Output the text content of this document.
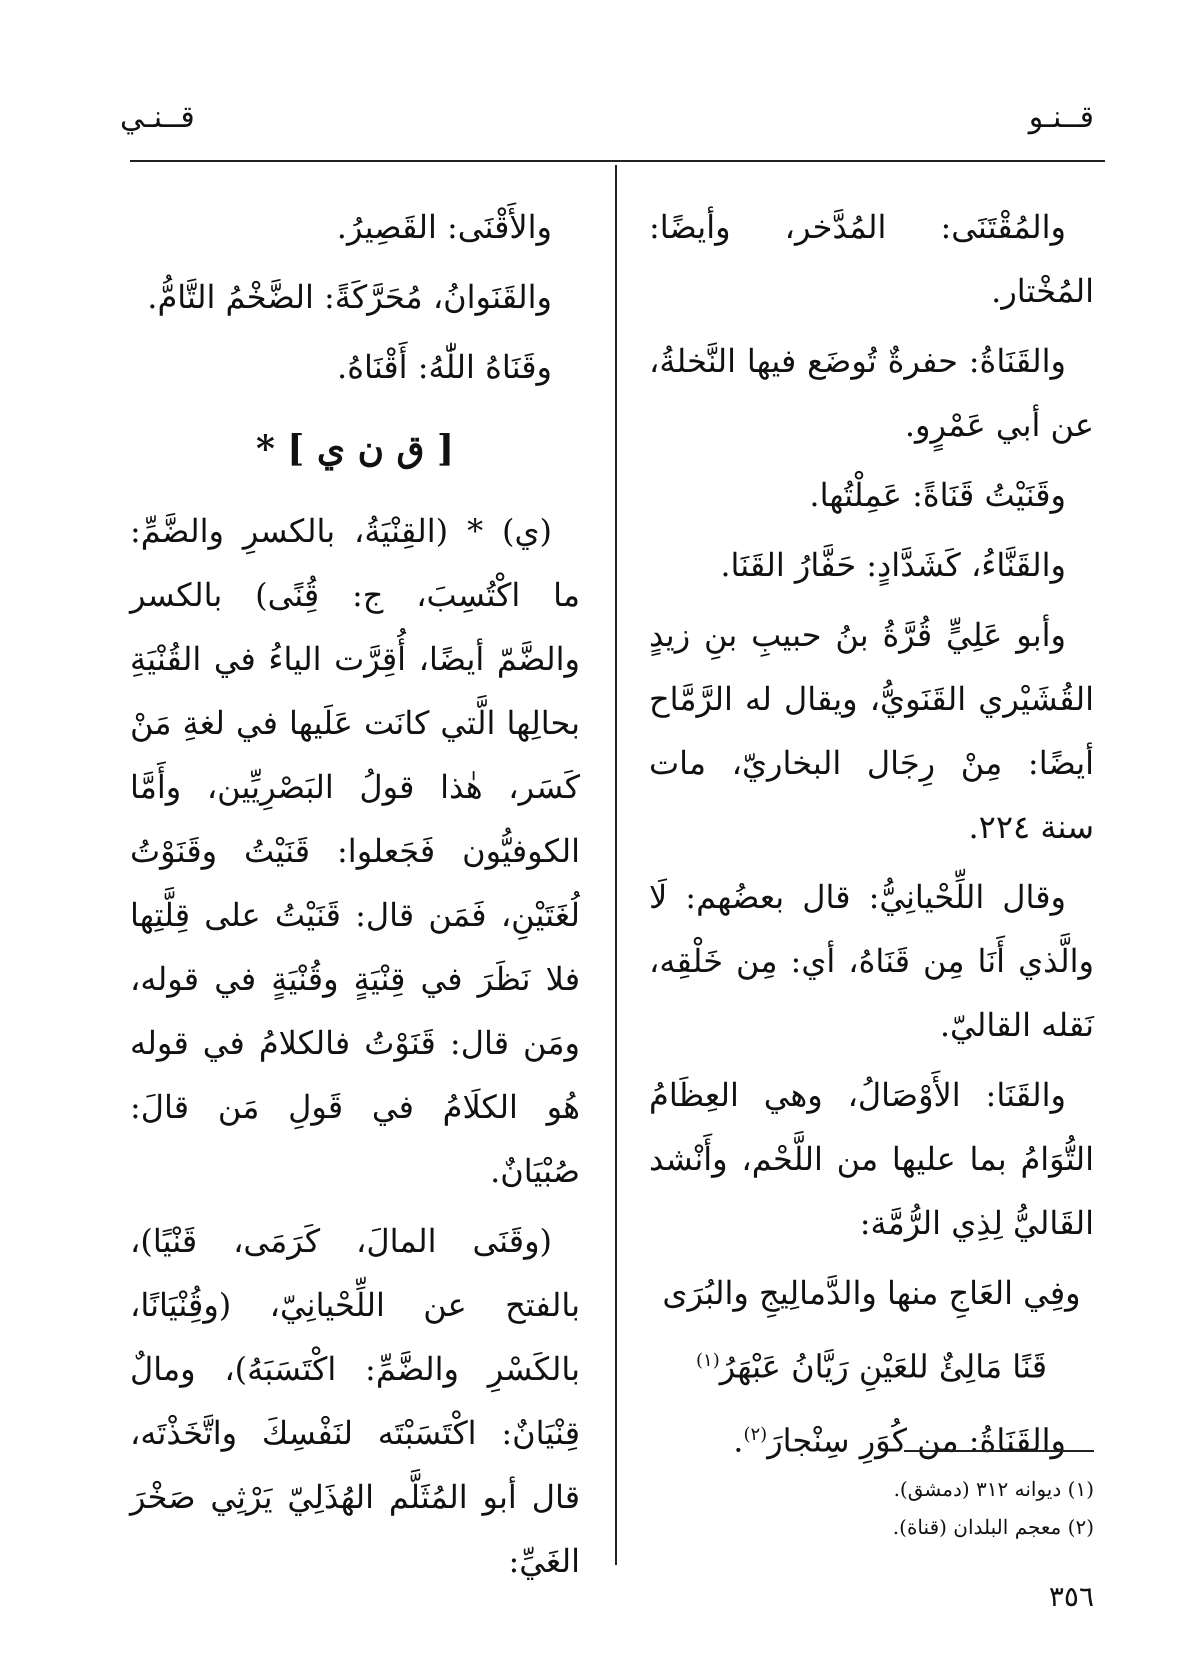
قــنـو
قــنـي

والمُقْتَنَى: المُدَّخر، وأيضًا: المُخْتار.

والقَنَاةُ: حفرةٌ تُوضَع فيها النَّخلةُ، عن أبي عَمْرٍو.

وقَنَيْتُ قَنَاةً: عَمِلْتُها.

والقَنَّاءُ، كَشَدَّادٍ: حَفَّارُ القَنَا.

وأبو عَلِيٍّ قُرَّةُ بنُ حبيبِ بنِ زيدٍ القُشَيْري القَنَويُّ، ويقال له الرَّمَّاح أيضًا: مِنْ رِجَال البخاريّ، مات سنة ٢٢٤.

وقال اللِّحْيانِيُّ: قال بعضُهم: لَا والَّذي أَنَا مِن قَنَاهُ، أي: مِن خَلْقِه، نَقله القاليّ.

والقَنَا: الأَوْصَالُ، وهي العِظَامُ التُّوَامُ بما عليها من اللَّحْم، وأَنْشد القَاليُّ لِذِي الرُّمَّة:

وفِي العَاجِ منها والدَّمالِيجِ والبُرَى

قَنًا مَالِئٌ للعَيْنِ رَيَّانُ عَبْهَرُ$^{(١)}$

والقَنَاةُ: من كُوَرِ سِنْجارَ$^{(٢)}$.

(١) ديوانه ٣١٢ (دمشق).

(٢) معجم البلدان (قناة).

والأَقْنَى: القَصِيرُ.

والقَنَوانُ، مُحَرَّكَةً: الضَّخْمُ التَّامُّ.

وقَنَاهُ اللّٰهُ: أَقْنَاهُ.

[ ق ن ي ] *

(ي) * (القِنْيَةُ، بالكسرِ والضَّمِّ: ما اكْتُسِبَ، ج: قُِنًى) بالكسر والضَّمّ أيضًا، أُقِرَّت الياءُ في القُنْيَةِ بحالِها الَّتي كانَت عَلَيها في لغةِ مَنْ كَسَر، هٰذا قولُ البَصْرِيِّين، وأَمَّا الكوفيُّون فَجَعلوا: قَنَيْتُ وقَنَوْتُ لُغَتَيْنِ، فَمَن قال: قَنَيْتُ على قِلَّتِها فلا نَظَرَ في قِنْيَةٍ وقُنْيَةٍ في قوله، ومَن قال: قَنَوْتُ فالكلامُ في قوله هُو الكلَامُ في قَولِ مَن قالَ: صُبْيَانٌ.

(وقَنَى المالَ، كَرَمَى، قَنْيًا)، بالفتح عن اللِّحْيانِيّ، (وقُِنْيَانًا، بالكَسْرِ والضَّمِّ: اكْتَسَبَهُ)، ومالٌ قِنْيَانٌ: اكْتَسَبْتَه لنَفْسِكَ واتَّخَذْتَه، قال أبو المُثَلَّم الهُذَلِيّ يَرْثِي صَخْرَ الغَيِّ:

٣٥٦
